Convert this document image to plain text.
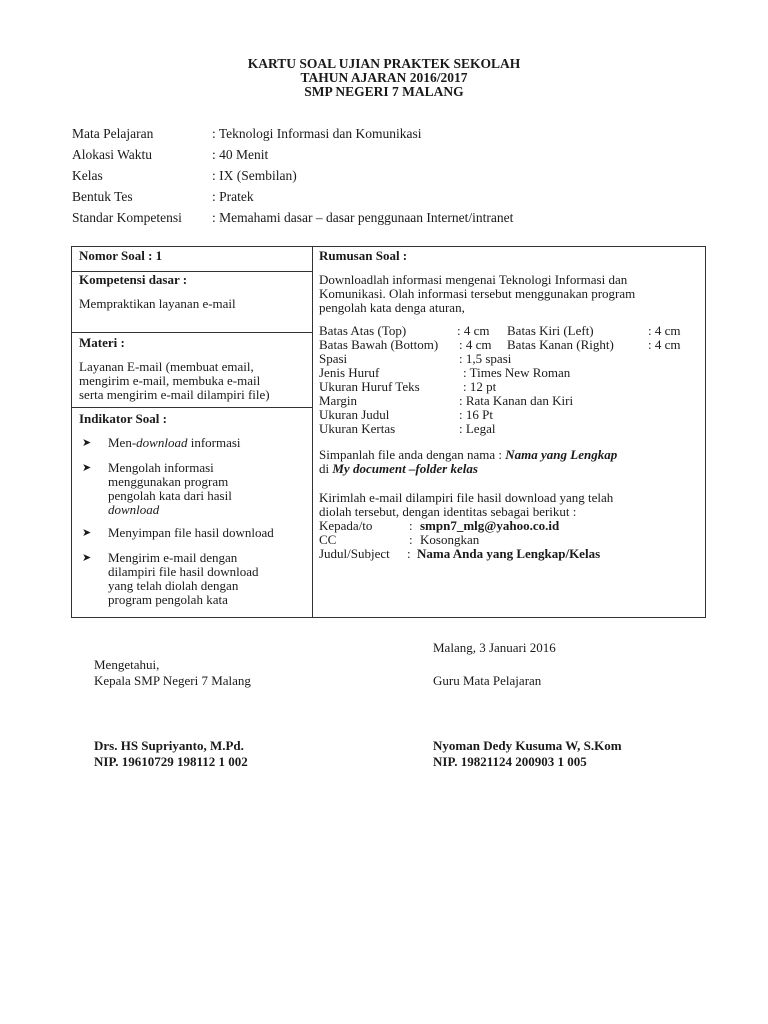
KARTU SOAL UJIAN PRAKTEK SEKOLAH
TAHUN AJARAN 2016/2017
SMP NEGERI 7 MALANG
Mata Pelajaran	: Teknologi Informasi dan Komunikasi
Alokasi Waktu	: 40 Menit
Kelas	: IX (Sembilan)
Bentuk Tes	: Pratek
Standar Kompetensi : Memahami dasar – dasar penggunaan Internet/intranet
Nomor Soal : 1
Kompetensi dasar :
Mempraktikan layanan e-mail
Materi :
Layanan E-mail (membuat email,
mengirim e-mail, membuka e-mail
serta mengirim e-mail dilampiri file)
Indikator Soal :
➤ Men-download informasi
➤ Mengolah informasi
menggunakan program
pengolah kata dari hasil
download
➤ Menyimpan file hasil download
➤ Mengirim e-mail dengan
dilampiri file hasil download
yang telah diolah dengan
program pengolah kata
Rumusan Soal :
Downloadlah informasi mengenai Teknologi Informasi dan
Komunikasi. Olah informasi tersebut menggunakan program
pengolah kata denga aturan,
Batas Atas (Top)	: 4 cm Batas Kiri (Left)	: 4 cm
Batas Bawah (Bottom) : 4 cm Batas Kanan (Right)	: 4 cm
Spasi	: 1,5 spasi
Jenis Huruf	: Times New Roman
Ukuran Huruf Teks	: 12 pt
Margin	: Rata Kanan dan Kiri
Ukuran Judul	: 16 Pt
Ukuran Kertas	: Legal
Simpanlah file anda dengan nama : Nama yang Lengkap
di My document –folder kelas
Kirimlah e-mail dilampiri file hasil download yang telah
diolah tersebut, dengan identitas sebagai berikut :
Kepada/to	: smpn7_mlg@yahoo.co.id
CC	: Kosongkan
Judul/Subject : Nama Anda yang Lengkap/Kelas
Malang, 3 Januari 2016
Mengetahui,
Kepala SMP Negeri 7 Malang	Guru Mata Pelajaran
Drs. HS Supriyanto, M.Pd.
NIP. 19610729 198112 1 002
Nyoman Dedy Kusuma W, S.Kom
NIP. 19821124 200903 1 005
